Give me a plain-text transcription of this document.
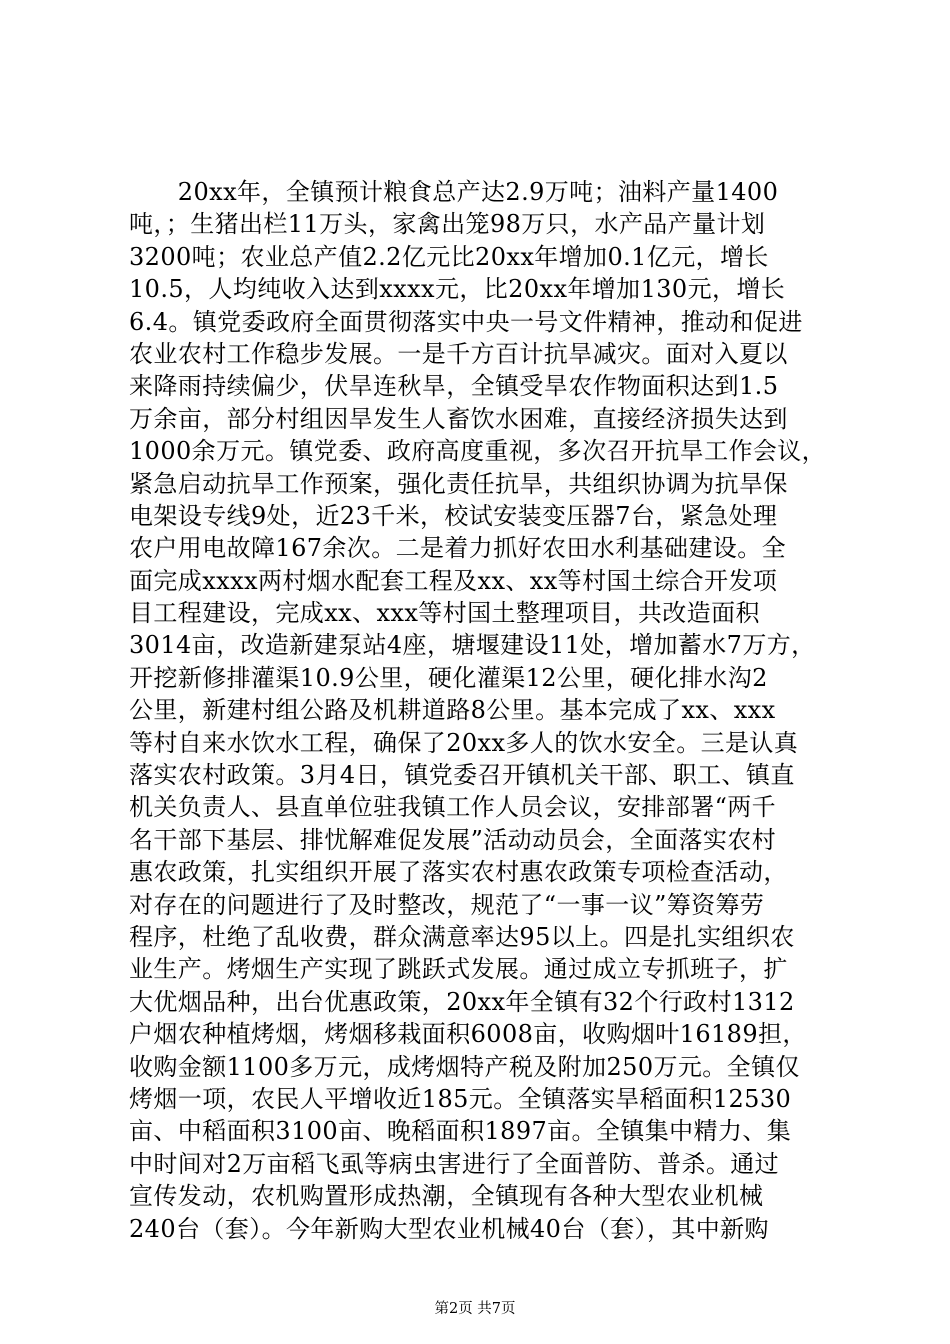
　　20xx年，全镇预计粮食总产达2.9万吨；油料产量1400
吨，；生猪出栏11万头，家禽出笼98万只，水产品产量计划
3200吨；农业总产值2.2亿元比20xx年增加0.1亿元，增长
10.5，人均纯收入达到xxxx元，比20xx年增加130元，增长
6.4。镇党委政府全面贯彻落实中央一号文件精神，推动和促进
农业农村工作稳步发展。一是千方百计抗旱减灾。面对入夏以
来降雨持续偏少，伏旱连秋旱，全镇受旱农作物面积达到1.5
万余亩，部分村组因旱发生人畜饮水困难，直接经济损失达到
1000余万元。镇党委、政府高度重视，多次召开抗旱工作会议，
紧急启动抗旱工作预案，强化责任抗旱，共组织协调为抗旱保
电架设专线9处，近23千米，校试安装变压器7台，紧急处理
农户用电故障167余次。二是着力抓好农田水利基础建设。全
面完成xxxx两村烟水配套工程及xx、xx等村国土综合开发项
目工程建设，完成xx、xxx等村国土整理项目，共改造面积
3014亩，改造新建泵站4座，塘堰建设11处，增加蓄水7万方，
开挖新修排灌渠10.9公里，硬化灌渠12公里，硬化排水沟2
公里，新建村组公路及机耕道路8公里。基本完成了xx、xxx
等村自来水饮水工程，确保了20xx多人的饮水安全。三是认真
落实农村政策。3月4日，镇党委召开镇机关干部、职工、镇直
机关负责人、县直单位驻我镇工作人员会议，安排部署“两千
名干部下基层、排忧解难促发展”活动动员会，全面落实农村
惠农政策，扎实组织开展了落实农村惠农政策专项检查活动，
对存在的问题进行了及时整改，规范了“一事一议”筹资筹劳
程序，杜绝了乱收费，群众满意率达95以上。四是扎实组织农
业生产。烤烟生产实现了跳跃式发展。通过成立专抓班子，扩
大优烟品种，出台优惠政策，20xx年全镇有32个行政村1312
户烟农种植烤烟，烤烟移栽面积6008亩，收购烟叶16189担，
收购金额1100多万元，成烤烟特产税及附加250万元。全镇仅
烤烟一项，农民人平增收近185元。全镇落实旱稻面积12530
亩、中稻面积3100亩、晚稻面积1897亩。全镇集中精力、集
中时间对2万亩稻飞虱等病虫害进行了全面普防、普杀。通过
宣传发动，农机购置形成热潮，全镇现有各种大型农业机械
240台（套）。今年新购大型农业机械40台（套），其中新购
第2页 共7页
